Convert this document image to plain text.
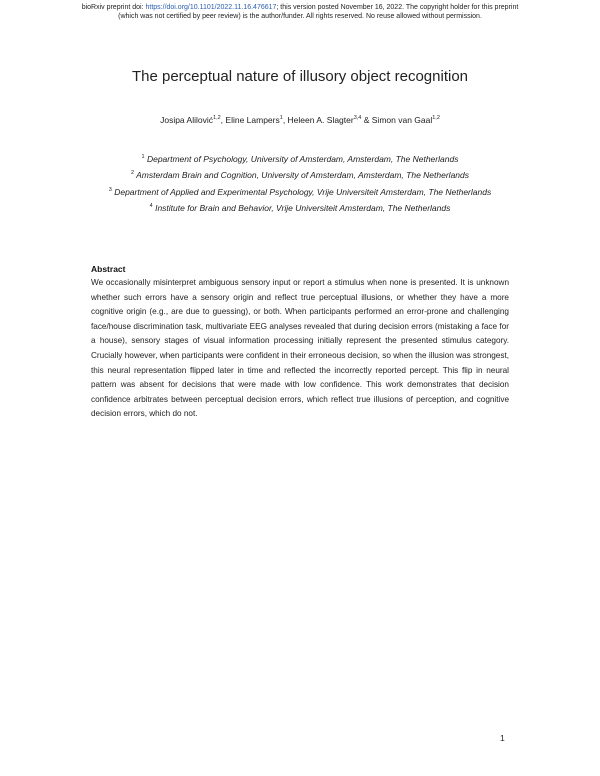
bioRxiv preprint doi: https://doi.org/10.1101/2022.11.16.476617; this version posted November 16, 2022. The copyright holder for this preprint
(which was not certified by peer review) is the author/funder. All rights reserved. No reuse allowed without permission.
The perceptual nature of illusory object recognition
Josipa Alilović$^{1,2}$, Eline Lampers$^1$, Heleen A. Slagter$^{3,4}$ & Simon van Gaal$^{1,2}$
$^1$ Department of Psychology, University of Amsterdam, Amsterdam, The Netherlands
$^2$ Amsterdam Brain and Cognition, University of Amsterdam, Amsterdam, The Netherlands
$^3$ Department of Applied and Experimental Psychology, Vrije Universiteit Amsterdam, The Netherlands
$^4$ Institute for Brain and Behavior, Vrije Universiteit Amsterdam, The Netherlands
Abstract
We occasionally misinterpret ambiguous sensory input or report a stimulus when none is presented. It is unknown whether such errors have a sensory origin and reflect true perceptual illusions, or whether they have a more cognitive origin (e.g., are due to guessing), or both. When participants performed an error-prone and challenging face/house discrimination task, multivariate EEG analyses revealed that during decision errors (mistaking a face for a house), sensory stages of visual information processing initially represent the presented stimulus category. Crucially however, when participants were confident in their erroneous decision, so when the illusion was strongest, this neural representation flipped later in time and reflected the incorrectly reported percept. This flip in neural pattern was absent for decisions that were made with low confidence. This work demonstrates that decision confidence arbitrates between perceptual decision errors, which reflect true illusions of perception, and cognitive decision errors, which do not.
1
